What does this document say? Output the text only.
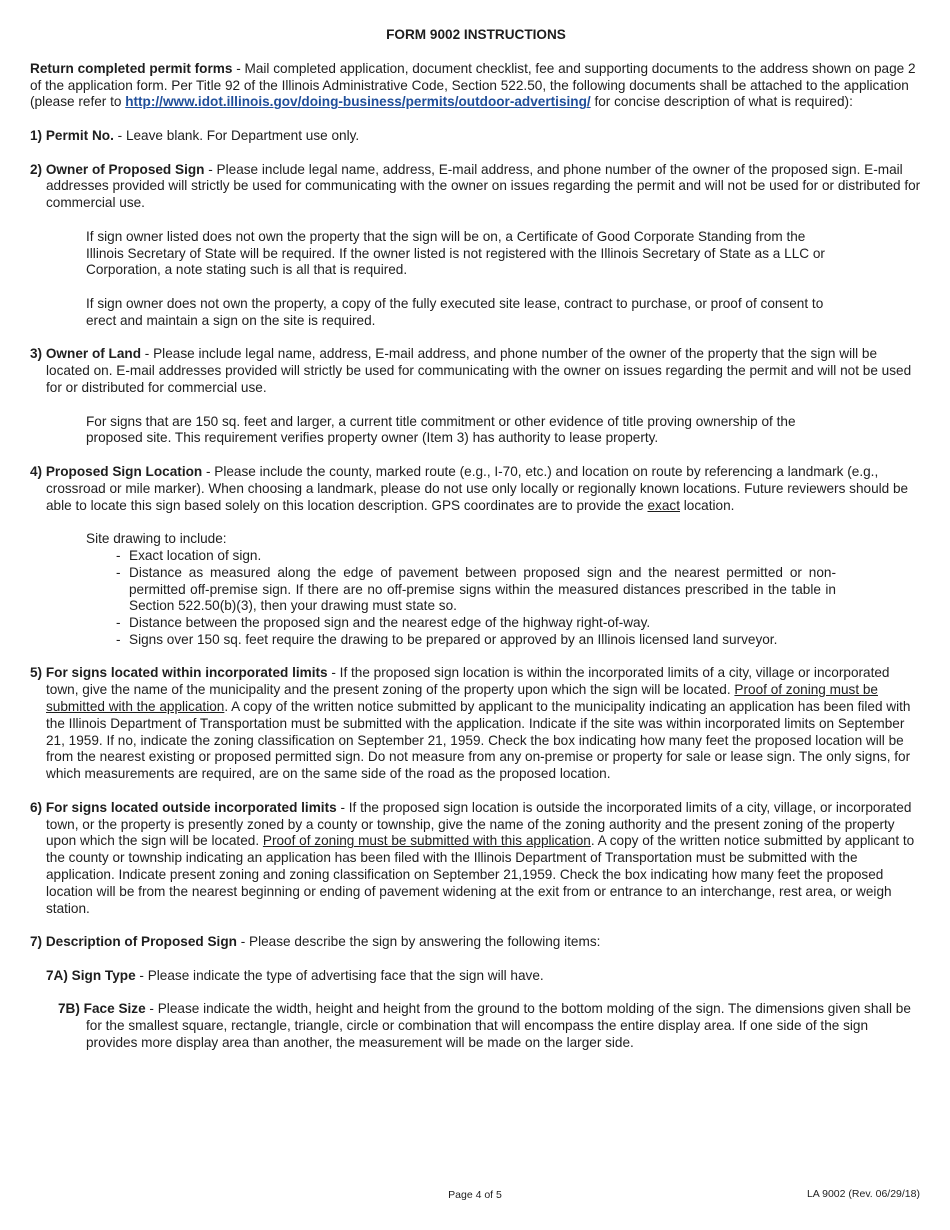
FORM 9002 INSTRUCTIONS

Return completed permit forms - Mail completed application, document checklist, fee and supporting documents to the address shown on page 2 of the application form. Per Title 92 of the Illinois Administrative Code, Section 522.50, the following documents shall be attached to the application (please refer to http://www.idot.illinois.gov/doing-business/permits/outdoor-advertising/ for concise description of what is required):

1) Permit No. - Leave blank. For Department use only.

2) Owner of Proposed Sign - Please include legal name, address, E-mail address, and phone number of the owner of the proposed sign. E-mail addresses provided will strictly be used for communicating with the owner on issues regarding the permit and will not be used for or distributed for commercial use.

If sign owner listed does not own the property that the sign will be on, a Certificate of Good Corporate Standing from the Illinois Secretary of State will be required. If the owner listed is not registered with the Illinois Secretary of State as a LLC or Corporation, a note stating such is all that is required.

If sign owner does not own the property, a copy of the fully executed site lease, contract to purchase, or proof of consent to erect and maintain a sign on the site is required.

3) Owner of Land - Please include legal name, address, E-mail address, and phone number of the owner of the property that the sign will be located on. E-mail addresses provided will strictly be used for communicating with the owner on issues regarding the permit and will not be used for or distributed for commercial use.

For signs that are 150 sq. feet and larger, a current title commitment or other evidence of title proving ownership of the proposed site. This requirement verifies property owner (Item 3) has authority to lease property.

4) Proposed Sign Location - Please include the county, marked route (e.g., I-70, etc.) and location on route by referencing a landmark (e.g., crossroad or mile marker). When choosing a landmark, please do not use only locally or regionally known locations. Future reviewers should be able to locate this sign based solely on this location description. GPS coordinates are to provide the exact location.

Site drawing to include:

- Exact location of sign.
- Distance as measured along the edge of pavement between proposed sign and the nearest permitted or non-permitted off-premise sign. If there are no off-premise signs within the measured distances prescribed in the table in Section 522.50(b)(3), then your drawing must state so.
- Distance between the proposed sign and the nearest edge of the highway right-of-way.
- Signs over 150 sq. feet require the drawing to be prepared or approved by an Illinois licensed land surveyor.

5) For signs located within incorporated limits - If the proposed sign location is within the incorporated limits of a city, village or incorporated town, give the name of the municipality and the present zoning of the property upon which the sign will be located. Proof of zoning must be submitted with the application. A copy of the written notice submitted by applicant to the municipality indicating an application has been filed with the Illinois Department of Transportation must be submitted with the application. Indicate if the site was within incorporated limits on September 21, 1959. If no, indicate the zoning classification on September 21, 1959. Check the box indicating how many feet the proposed location will be from the nearest existing or proposed permitted sign. Do not measure from any on-premise or property for sale or lease sign. The only signs, for which measurements are required, are on the same side of the road as the proposed location.

6) For signs located outside incorporated limits - If the proposed sign location is outside the incorporated limits of a city, village, or incorporated town, or the property is presently zoned by a county or township, give the name of the zoning authority and the present zoning of the property upon which the sign will be located. Proof of zoning must be submitted with this application. A copy of the written notice submitted by applicant to the county or township indicating an application has been filed with the Illinois Department of Transportation must be submitted with the application. Indicate present zoning and zoning classification on September 21,1959. Check the box indicating how many feet the proposed location will be from the nearest beginning or ending of pavement widening at the exit from or entrance to an interchange, rest area, or weigh station.

7) Description of Proposed Sign - Please describe the sign by answering the following items:

7A) Sign Type - Please indicate the type of advertising face that the sign will have.

7B) Face Size - Please indicate the width, height and height from the ground to the bottom molding of the sign. The dimensions given shall be for the smallest square, rectangle, triangle, circle or combination that will encompass the entire display area. If one side of the sign provides more display area than another, the measurement will be made on the larger side.

Page 4 of 5	LA 9002 (Rev. 06/29/18)
